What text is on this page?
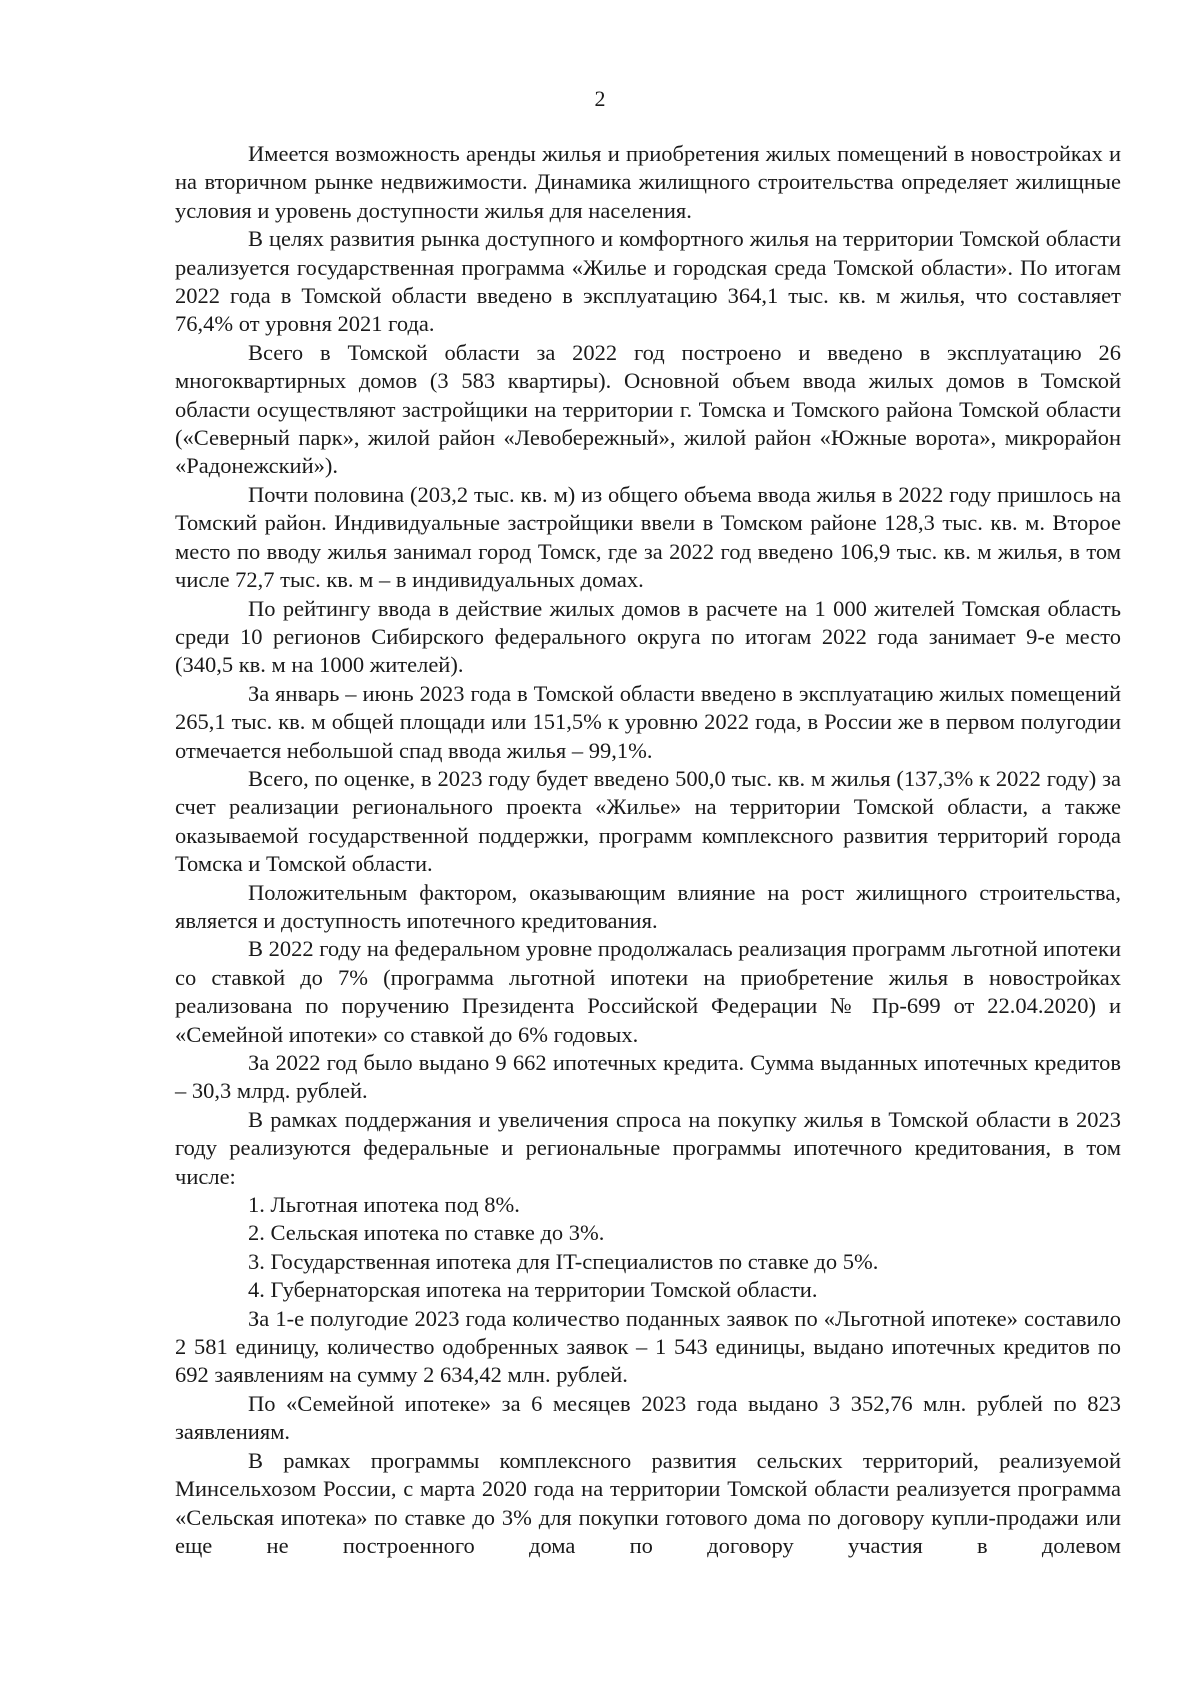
2

Имеется возможность аренды жилья и приобретения жилых помещений в новостройках и на вторичном рынке недвижимости. Динамика жилищного строительства определяет жилищные условия и уровень доступности жилья для населения.

В целях развития рынка доступного и комфортного жилья на территории Томской области реализуется государственная программа «Жилье и городская среда Томской области». По итогам 2022 года в Томской области введено в эксплуатацию 364,1 тыс. кв. м жилья, что составляет 76,4% от уровня 2021 года.

Всего в Томской области за 2022 год построено и введено в эксплуатацию 26 многоквартирных домов (3 583 квартиры). Основной объем ввода жилых домов в Томской области осуществляют застройщики на территории г. Томска и Томского района Томской области («Северный парк», жилой район «Левобережный», жилой район «Южные ворота», микрорайон «Радонежский»).

Почти половина (203,2 тыс. кв. м) из общего объема ввода жилья в 2022 году пришлось на Томский район. Индивидуальные застройщики ввели в Томском районе 128,3 тыс. кв. м. Второе место по вводу жилья занимал город Томск, где за 2022 год введено 106,9 тыс. кв. м жилья, в том числе 72,7 тыс. кв. м – в индивидуальных домах.

По рейтингу ввода в действие жилых домов в расчете на 1 000 жителей Томская область среди 10 регионов Сибирского федерального округа по итогам 2022 года занимает 9-е место (340,5 кв. м на 1000 жителей).

За январь – июнь 2023 года в Томской области введено в эксплуатацию жилых помещений 265,1 тыс. кв. м общей площади или 151,5% к уровню 2022 года, в России же в первом полугодии отмечается небольшой спад ввода жилья – 99,1%.

Всего, по оценке, в 2023 году будет введено 500,0 тыс. кв. м жилья (137,3% к 2022 году) за счет реализации регионального проекта «Жилье» на территории Томской области, а также оказываемой государственной поддержки, программ комплексного развития территорий города Томска и Томской области.

Положительным фактором, оказывающим влияние на рост жилищного строительства, является и доступность ипотечного кредитования.

В 2022 году на федеральном уровне продолжалась реализация программ льготной ипотеки со ставкой до 7% (программа льготной ипотеки на приобретение жилья в новостройках реализована по поручению Президента Российской Федерации № Пр-699 от 22.04.2020) и «Семейной ипотеки» со ставкой до 6% годовых.

За 2022 год было выдано 9 662 ипотечных кредита. Сумма выданных ипотечных кредитов – 30,3 млрд. рублей.

В рамках поддержания и увеличения спроса на покупку жилья в Томской области в 2023 году реализуются федеральные и региональные программы ипотечного кредитования, в том числе:

1. Льготная ипотека под 8%.

2. Сельская ипотека по ставке до 3%.

3. Государственная ипотека для IT-специалистов по ставке до 5%.

4. Губернаторская ипотека на территории Томской области.

За 1-е полугодие 2023 года количество поданных заявок по «Льготной ипотеке» составило 2 581 единицу, количество одобренных заявок – 1 543 единицы, выдано ипотечных кредитов по 692 заявлениям на сумму 2 634,42 млн. рублей.

По «Семейной ипотеке» за 6 месяцев 2023 года выдано 3 352,76 млн. рублей по 823 заявлениям.

В рамках программы комплексного развития сельских территорий, реализуемой Минсельхозом России, с марта 2020 года на территории Томской области реализуется программа «Сельская ипотека» по ставке до 3% для покупки готового дома по договору купли-продажи или еще не построенного дома по договору участия в долевом
